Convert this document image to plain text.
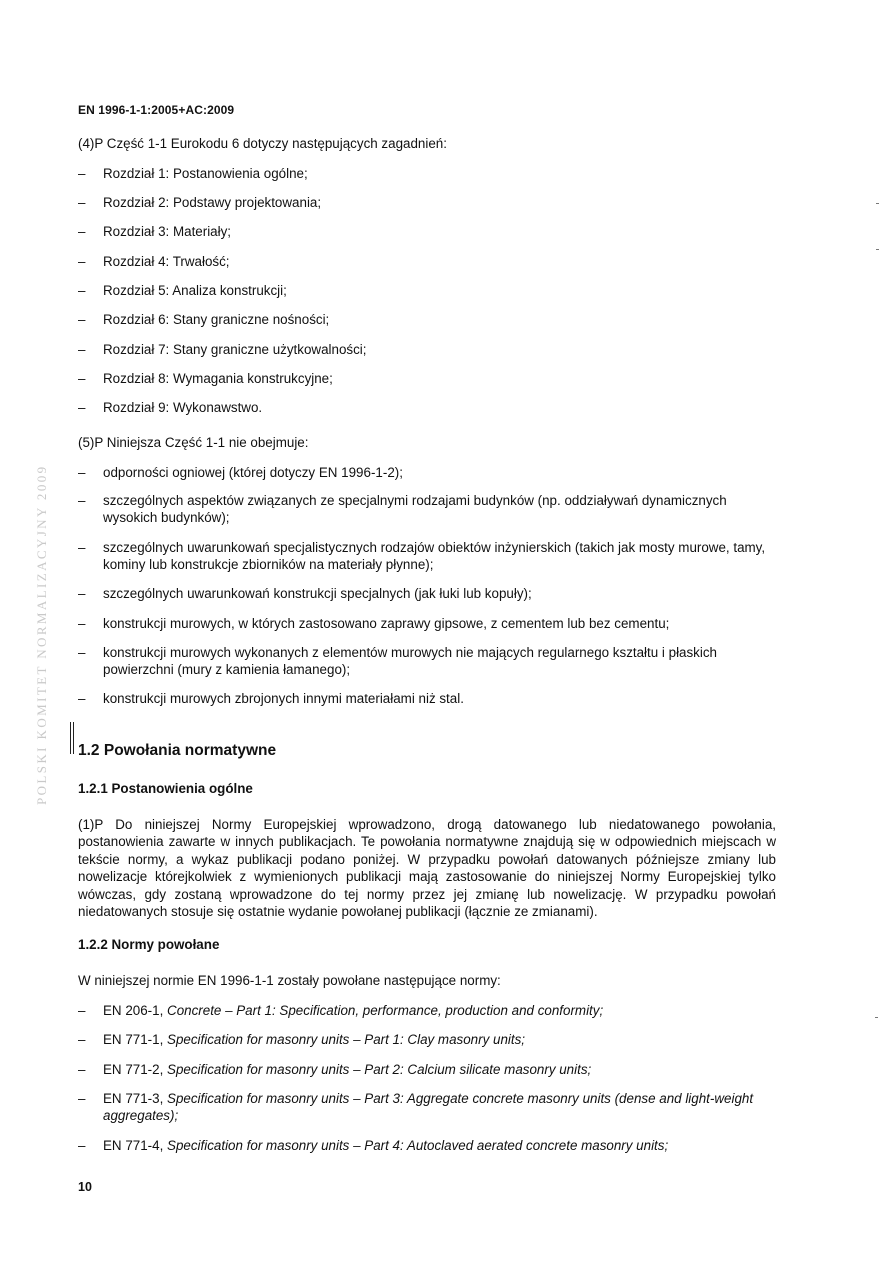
POLSKI KOMITET NORMALIZACYJNY 2009
EN 1996-1-1:2005+AC:2009
(4)P Część 1-1 Eurokodu 6 dotyczy następujących zagadnień:
–	Rozdział 1: Postanowienia ogólne;
–	Rozdział 2: Podstawy projektowania;
–	Rozdział 3: Materiały;
–	Rozdział 4: Trwałość;
–	Rozdział 5: Analiza konstrukcji;
–	Rozdział 6: Stany graniczne nośności;
–	Rozdział 7: Stany graniczne użytkowalności;
–	Rozdział 8: Wymagania konstrukcyjne;
–	Rozdział 9: Wykonawstwo.
(5)P Niniejsza Część 1-1 nie obejmuje:
–	odporności ogniowej (której dotyczy EN 1996-1-2);
–	szczególnych aspektów związanych ze specjalnymi rodzajami budynków (np. oddziaływań dynamicznych wysokich budynków);
–	szczególnych uwarunkowań specjalistycznych rodzajów obiektów inżynierskich (takich jak mosty murowe, tamy, kominy lub konstrukcje zbiorników na materiały płynne);
–	szczególnych uwarunkowań konstrukcji specjalnych (jak łuki lub kopuły);
–	konstrukcji murowych, w których zastosowano zaprawy gipsowe, z cementem lub bez cementu;
–	konstrukcji murowych wykonanych z elementów murowych nie mających regularnego kształtu i płaskich powierzchni (mury z kamienia łamanego);
–	konstrukcji murowych zbrojonych innymi materiałami niż stal.
1.2 Powołania normatywne
1.2.1 Postanowienia ogólne
(1)P Do niniejszej Normy Europejskiej wprowadzono, drogą datowanego lub niedatowanego powołania, postanowienia zawarte w innych publikacjach. Te powołania normatywne znajdują się w odpowiednich miejscach w tekście normy, a wykaz publikacji podano poniżej. W przypadku powołań datowanych późniejsze zmiany lub nowelizacje którejkolwiek z wymienionych publikacji mają zastosowanie do niniejszej Normy Europejskiej tylko wówczas, gdy zostaną wprowadzone do tej normy przez jej zmianę lub nowelizację. W przypadku powołań niedatowanych stosuje się ostatnie wydanie powołanej publikacji (łącznie ze zmianami).
1.2.2 Normy powołane
W niniejszej normie EN 1996-1-1 zostały powołane następujące normy:
– EN 206-1, Concrete – Part 1: Specification, performance, production and conformity;
– EN 771-1, Specification for masonry units – Part 1: Clay masonry units;
– EN 771-2, Specification for masonry units – Part 2: Calcium silicate masonry units;
– EN 771-3, Specification for masonry units – Part 3: Aggregate concrete masonry units (dense and light-weight aggregates);
– EN 771-4, Specification for masonry units – Part 4: Autoclaved aerated concrete masonry units;
10
